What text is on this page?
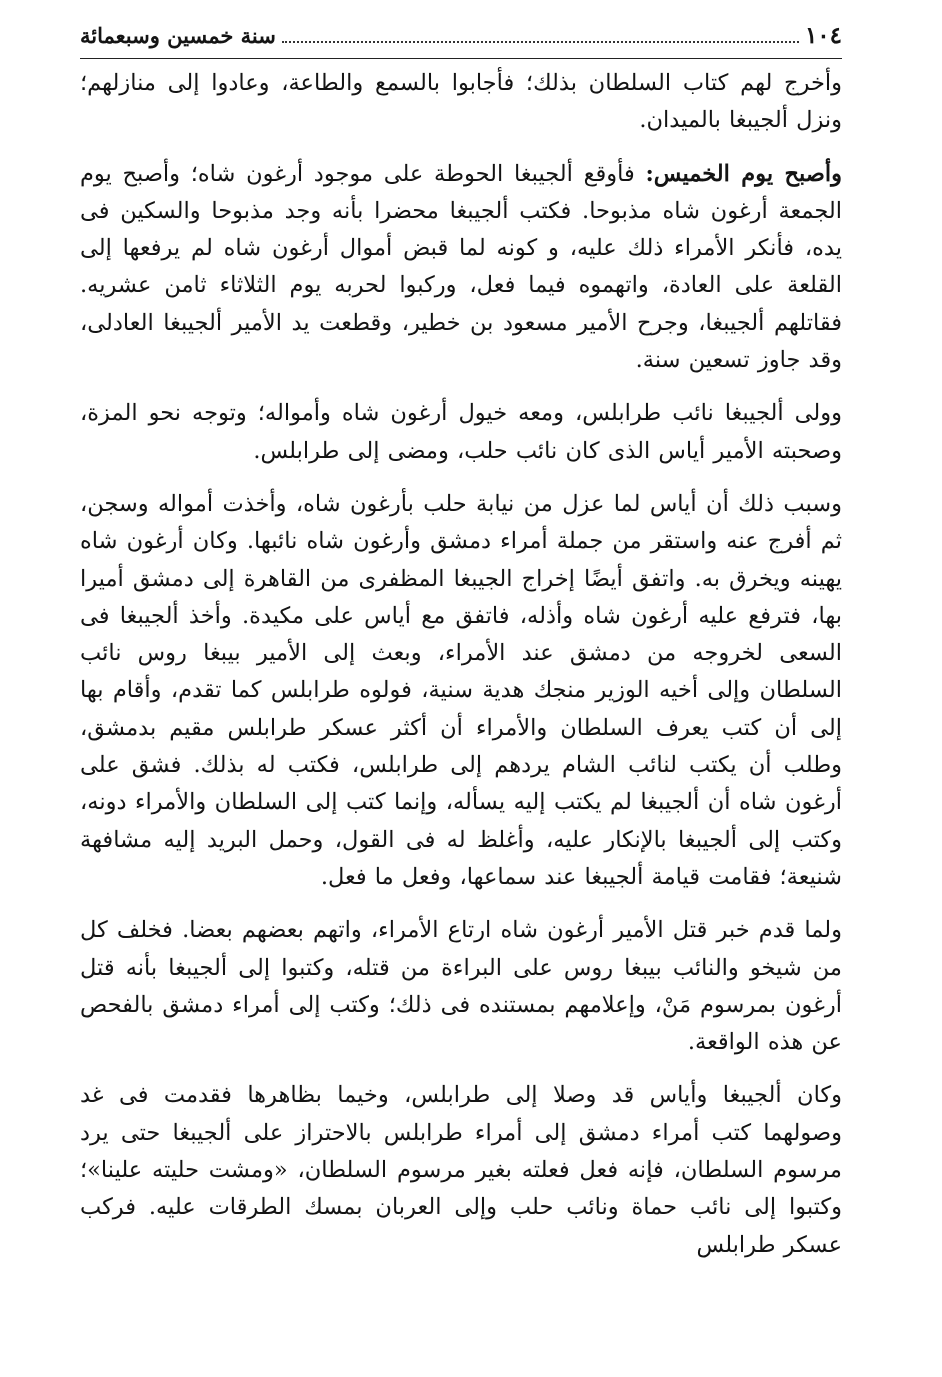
١٠٤
سنة خمسين وسبعمائة

وأخرج لهم كتاب السلطان بذلك؛ فأجابوا بالسمع والطاعة، وعادوا إلى منازلهم؛ ونزل ألجيبغا بالميدان.

وأصبح يوم الخميس: فأوقع ألجيبغا الحوطة على موجود أرغون شاه؛ وأصبح يوم الجمعة أرغون شاه مذبوحا. فكتب ألجيبغا محضرا بأنه وجد مذبوحا والسكين فى يده، فأنكر الأمراء ذلك عليه، و كونه لما قبض أموال أرغون شاه لم يرفعها إلى القلعة على العادة، واتهموه فيما فعل، وركبوا لحربه يوم الثلاثاء ثامن عشريه. فقاتلهم ألجيبغا، وجرح الأمير مسعود بن خطير، وقطعت يد الأمير ألجيبغا العادلى، وقد جاوز تسعين سنة.

وولى ألجيبغا نائب طرابلس، ومعه خيول أرغون شاه وأمواله؛ وتوجه نحو المزة، وصحبته الأمير أياس الذى كان نائب حلب، ومضى إلى طرابلس.

وسبب ذلك أن أياس لما عزل من نيابة حلب بأرغون شاه، وأخذت أمواله وسجن، ثم أفرج عنه واستقر من جملة أمراء دمشق وأرغون شاه نائبها. وكان أرغون شاه يهينه ويخرق به. واتفق أيضًا إخراج الجيبغا المظفرى من القاهرة إلى دمشق أميرا بها، فترفع عليه أرغون شاه وأذله، فاتفق مع أياس على مكيدة. وأخذ ألجيبغا فى السعى لخروجه من دمشق عند الأمراء، وبعث إلى الأمير بيبغا روس نائب السلطان وإلى أخيه الوزير منجك هدية سنية، فولوه طرابلس كما تقدم، وأقام بها إلى أن كتب يعرف السلطان والأمراء أن أكثر عسكر طرابلس مقيم بدمشق، وطلب أن يكتب لنائب الشام يردهم إلى طرابلس، فكتب له بذلك. فشق على أرغون شاه أن ألجيبغا لم يكتب إليه يسأله، وإنما كتب إلى السلطان والأمراء دونه، وكتب إلى ألجيبغا بالإنكار عليه، وأغلظ له فى القول، وحمل البريد إليه مشافهة شنيعة؛ فقامت قيامة ألجيبغا عند سماعها، وفعل ما فعل.

ولما قدم خبر قتل الأمير أرغون شاه ارتاع الأمراء، واتهم بعضهم بعضا. فخلف كل من شيخو والنائب بيبغا روس على البراءة من قتله، وكتبوا إلى ألجيبغا بأنه قتل أرغون بمرسوم مَنْ، وإعلامهم بمستنده فى ذلك؛ وكتب إلى أمراء دمشق بالفحص عن هذه الواقعة.

وكان ألجيبغا وأياس قد وصلا إلى طرابلس، وخيما بظاهرها فقدمت فى غد وصولهما كتب أمراء دمشق إلى أمراء طرابلس بالاحتراز على ألجيبغا حتى يرد مرسوم السلطان، فإنه فعل فعلته بغير مرسوم السلطان، «ومشت حليته علينا»؛ وكتبوا إلى نائب حماة ونائب حلب وإلى العربان بمسك الطرقات عليه. فركب عسكر طرابلس
